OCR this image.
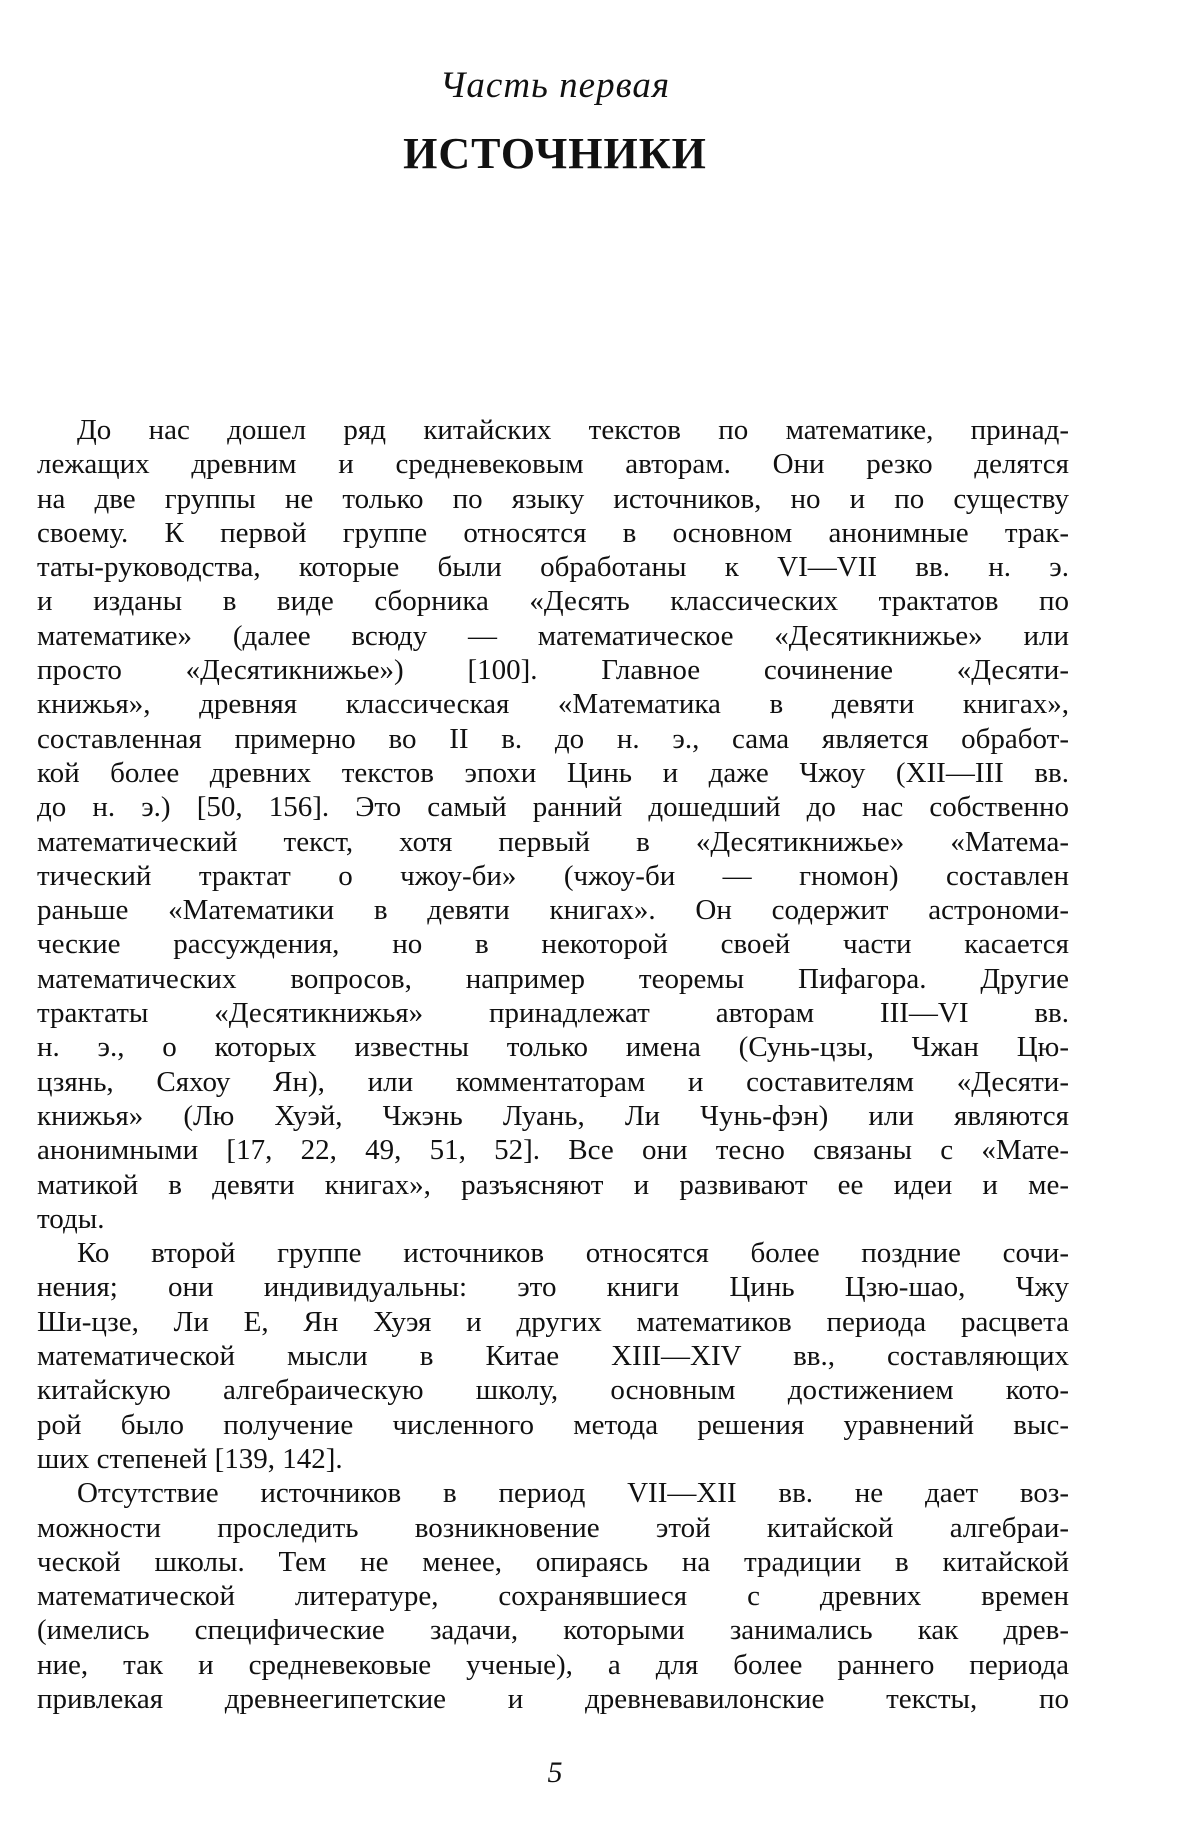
Часть первая
ИСТОЧНИКИ

До нас дошел ряд китайских текстов по математике, принад-
лежащих древним и средневековым авторам. Они резко делятся
на две группы не только по языку источников, но и по существу
своему. К первой группе относятся в основном анонимные трак-
таты-руководства, которые были обработаны к VI—VII вв. н. э.
и изданы в виде сборника «Десять классических трактатов по
математике» (далее всюду — математическое «Десятикнижье» или
просто «Десятикнижье») [100]. Главное сочинение «Десяти-
книжья», древняя классическая «Математика в девяти книгах»,
составленная примерно во II в. до н. э., сама является обработ-
кой более древних текстов эпохи Цинь и даже Чжоу (XII—III вв.
до н. э.) [50, 156]. Это самый ранний дошедший до нас собственно
математический текст, хотя первый в «Десятикнижье» «Матема-
тический трактат о чжоу-би» (чжоу-би — гномон) составлен
раньше «Математики в девяти книгах». Он содержит астрономи-
ческие рассуждения, но в некоторой своей части касается
математических вопросов, например теоремы Пифагора. Другие
трактаты «Десятикнижья» принадлежат авторам III—VI вв.
н. э., о которых известны только имена (Сунь-цзы, Чжан Цю-
цзянь, Сяхоу Ян), или комментаторам и составителям «Десяти-
книжья» (Лю Хуэй, Чжэнь Луань, Ли Чунь-фэн) или являются
анонимными [17, 22, 49, 51, 52]. Все они тесно связаны с «Мате-
матикой в девяти книгах», разъясняют и развивают ее идеи и ме-
тоды.

Ко второй группе источников относятся более поздние сочи-
нения; они индивидуальны: это книги Цинь Цзю-шао, Чжу
Ши-цзе, Ли Е, Ян Хуэя и других математиков периода расцвета
математической мысли в Китае XIII—XIV вв., составляющих
китайскую алгебраическую школу, основным достижением кото-
рой было получение численного метода решения уравнений выс-
ших степеней [139, 142].

Отсутствие источников в период VII—XII вв. не дает воз-
можности проследить возникновение этой китайской алгебраи-
ческой школы. Тем не менее, опираясь на традиции в китайской
математической литературе, сохранявшиеся с древних времен
(имелись специфические задачи, которыми занимались как древ-
ние, так и средневековые ученые), а для более раннего периода
привлекая древнеегипетские и древневавилонские тексты, по

5
